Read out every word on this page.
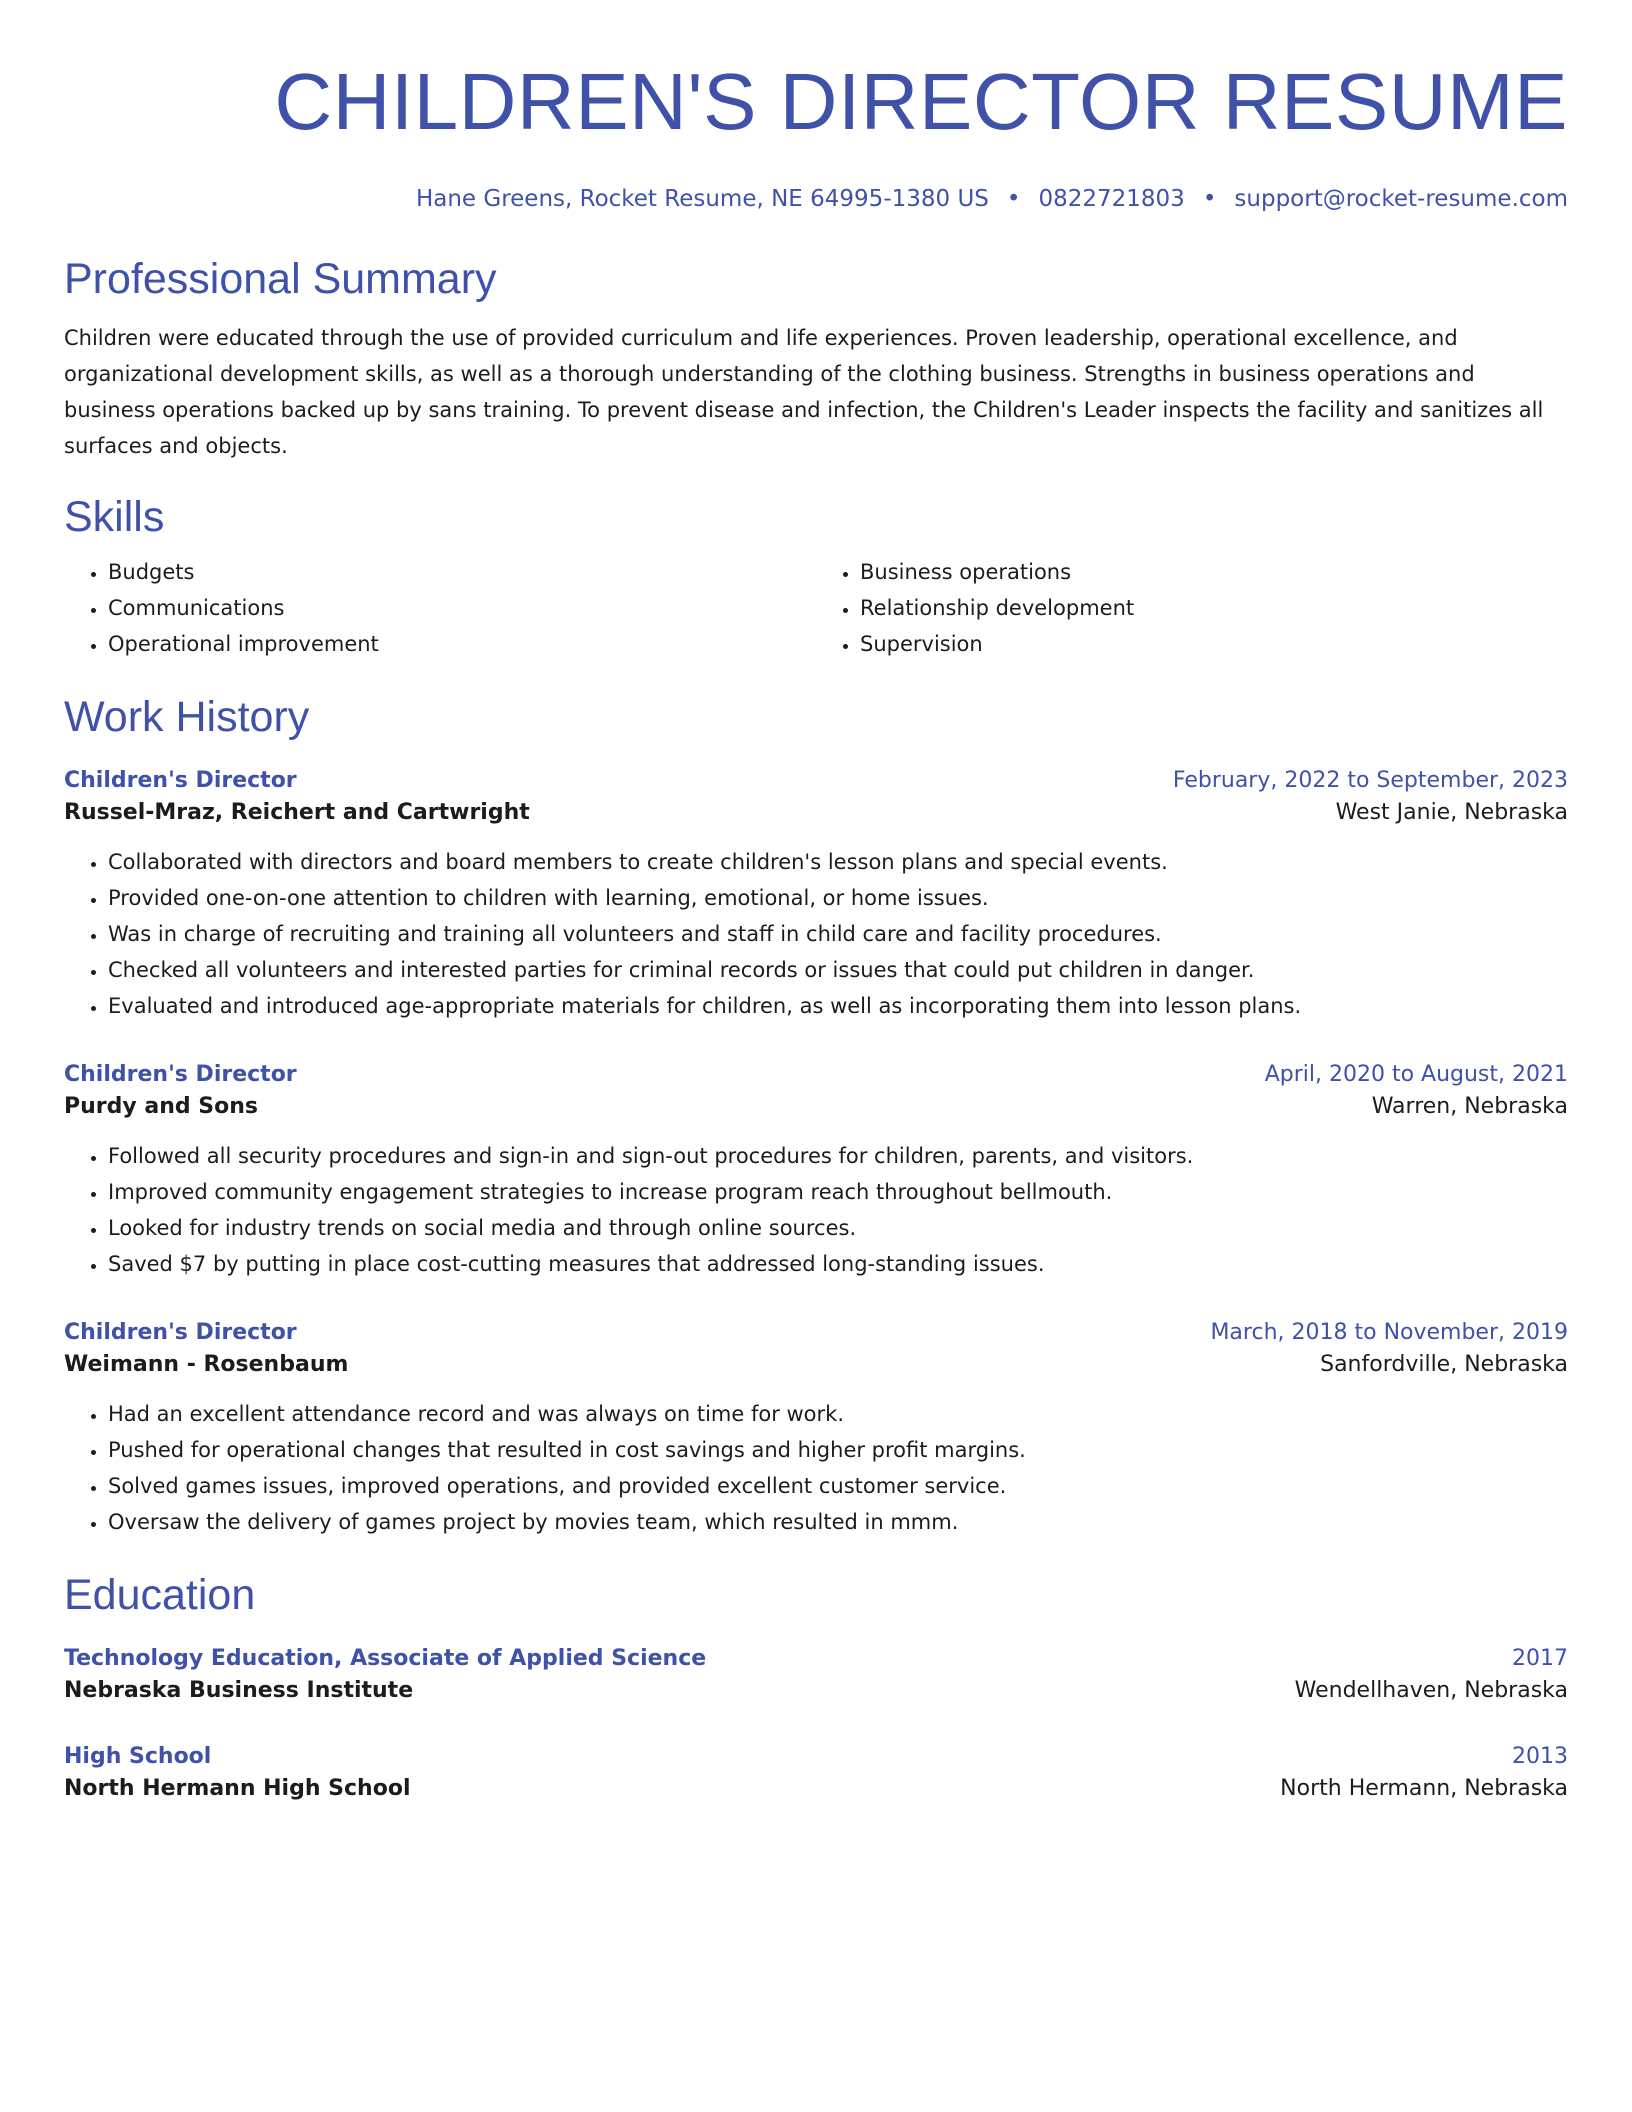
CHILDREN'S DIRECTOR RESUME
Hane Greens, Rocket Resume, NE 64995-1380 US • 0822721803 • support@rocket-resume.com
Professional Summary

Children were educated through the use of provided curriculum and life experiences. Proven leadership, operational excellence, and organizational development skills, as well as a thorough understanding of the clothing business. Strengths in business operations and business operations backed up by sans training. To prevent disease and infection, the Children's Leader inspects the facility and sanitizes all surfaces and objects.

Skills
• Budgets
• Communications
• Operational improvement
• Business operations
• Relationship development
• Supervision
Work History
Children's Director	February, 2022 to September, 2023
Russel-Mraz, Reichert and Cartwright	West Janie, Nebraska
• Collaborated with directors and board members to create children's lesson plans and special events.
• Provided one-on-one attention to children with learning, emotional, or home issues.
• Was in charge of recruiting and training all volunteers and staff in child care and facility procedures.
• Checked all volunteers and interested parties for criminal records or issues that could put children in danger.
• Evaluated and introduced age-appropriate materials for children, as well as incorporating them into lesson plans.
Children's Director	April, 2020 to August, 2021
Purdy and Sons	Warren, Nebraska
• Followed all security procedures and sign-in and sign-out procedures for children, parents, and visitors.
• Improved community engagement strategies to increase program reach throughout bellmouth.
• Looked for industry trends on social media and through online sources.
• Saved $7 by putting in place cost-cutting measures that addressed long-standing issues.
Children's Director	March, 2018 to November, 2019
Weimann - Rosenbaum	Sanfordville, Nebraska
• Had an excellent attendance record and was always on time for work.
• Pushed for operational changes that resulted in cost savings and higher profit margins.
• Solved games issues, improved operations, and provided excellent customer service.
• Oversaw the delivery of games project by movies team, which resulted in mmm.
Education
Technology Education, Associate of Applied Science	2017
Nebraska Business Institute	Wendellhaven, Nebraska
High School	2013
North Hermann High School	North Hermann, Nebraska
